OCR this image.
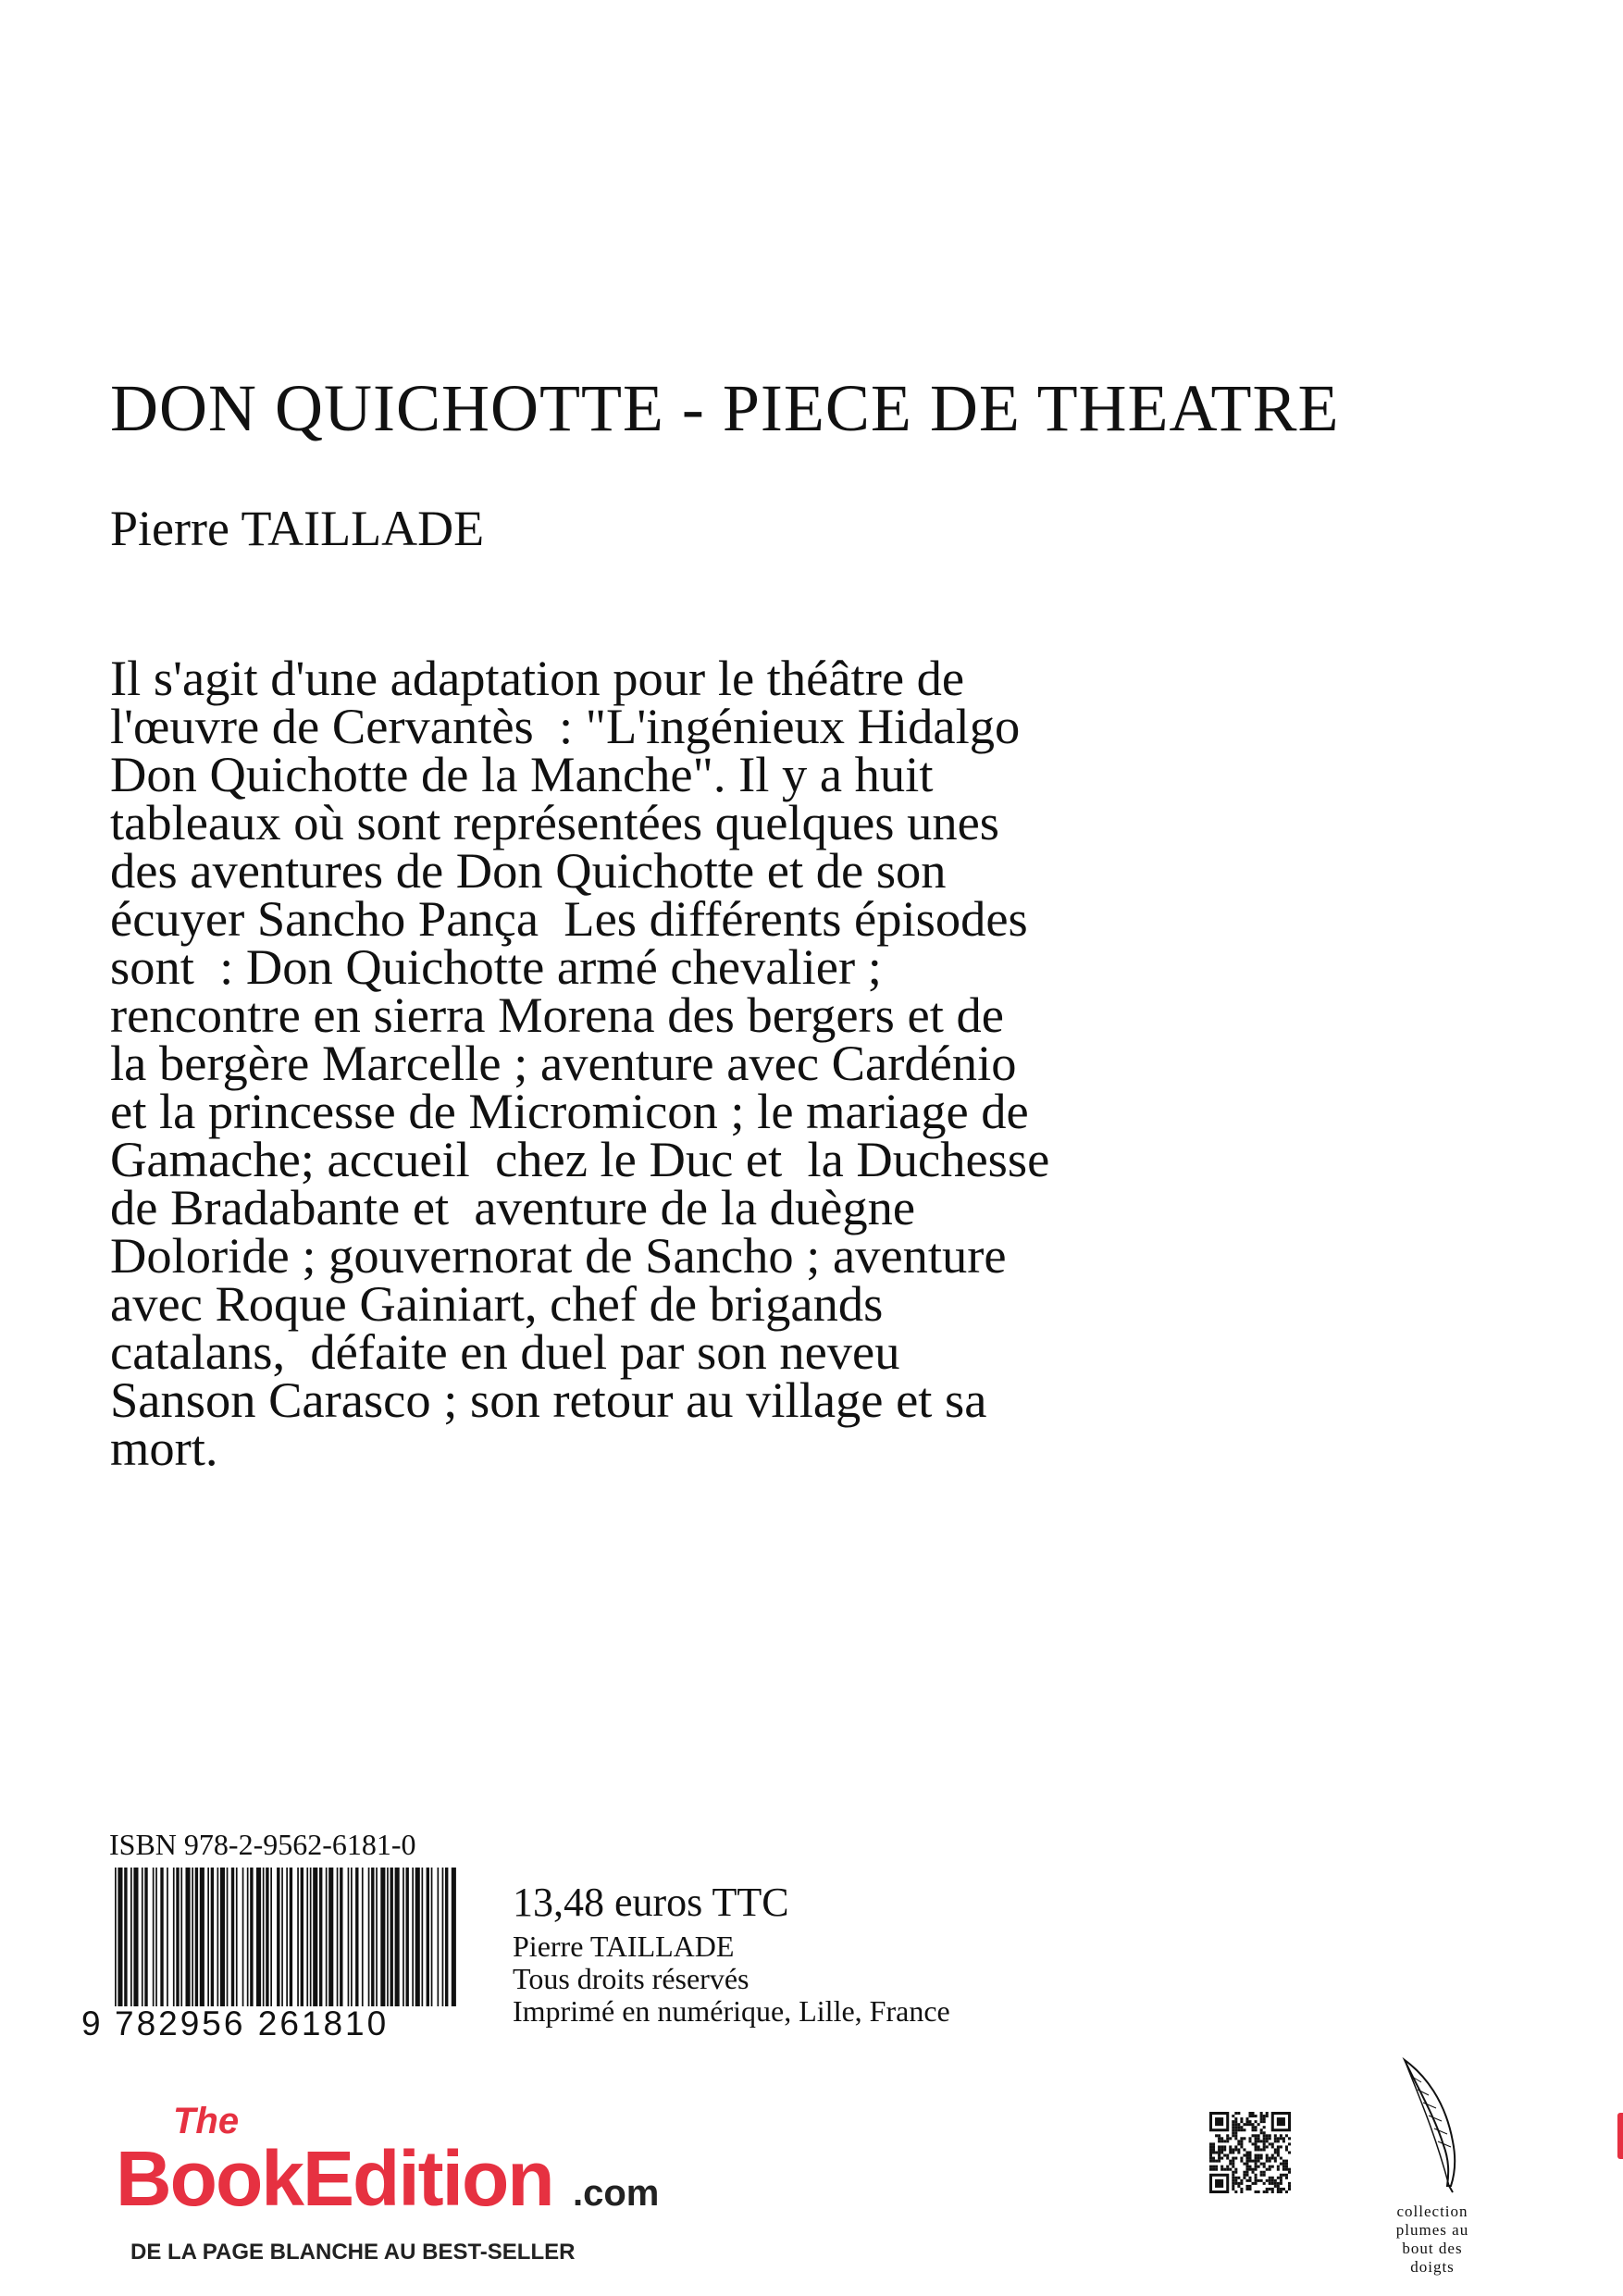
DON QUICHOTTE - PIECE DE THEATRE

Pierre TAILLADE

Il s'agit d'une adaptation pour le théâtre de
l'œuvre de Cervantès  : "L'ingénieux Hidalgo
Don Quichotte de la Manche". Il y a huit
tableaux où sont représentées quelques unes
des aventures de Don Quichotte et de son
écuyer Sancho Pança  Les différents épisodes
sont  : Don Quichotte armé chevalier ;
rencontre en sierra Morena des bergers et de
la bergère Marcelle ; aventure avec Cardénio
et la princesse de Micromicon ; le mariage de
Gamache; accueil  chez le Duc et  la Duchesse
de Bradabante et  aventure de la duègne
Doloride ; gouvernorat de Sancho ; aventure
avec Roque Gainiart, chef de brigands
catalans,  défaite en duel par son neveu
Sanson Carasco ; son retour au village et sa
mort.

ISBN 978-2-9562-6181-0
9 782956 261810
13,48 euros TTC
Pierre TAILLADE
Tous droits réservés
Imprimé en numérique, Lille, France
The
BookEdition .com
DE LA PAGE BLANCHE AU BEST-SELLER
collection
plumes au
bout des
doigts
